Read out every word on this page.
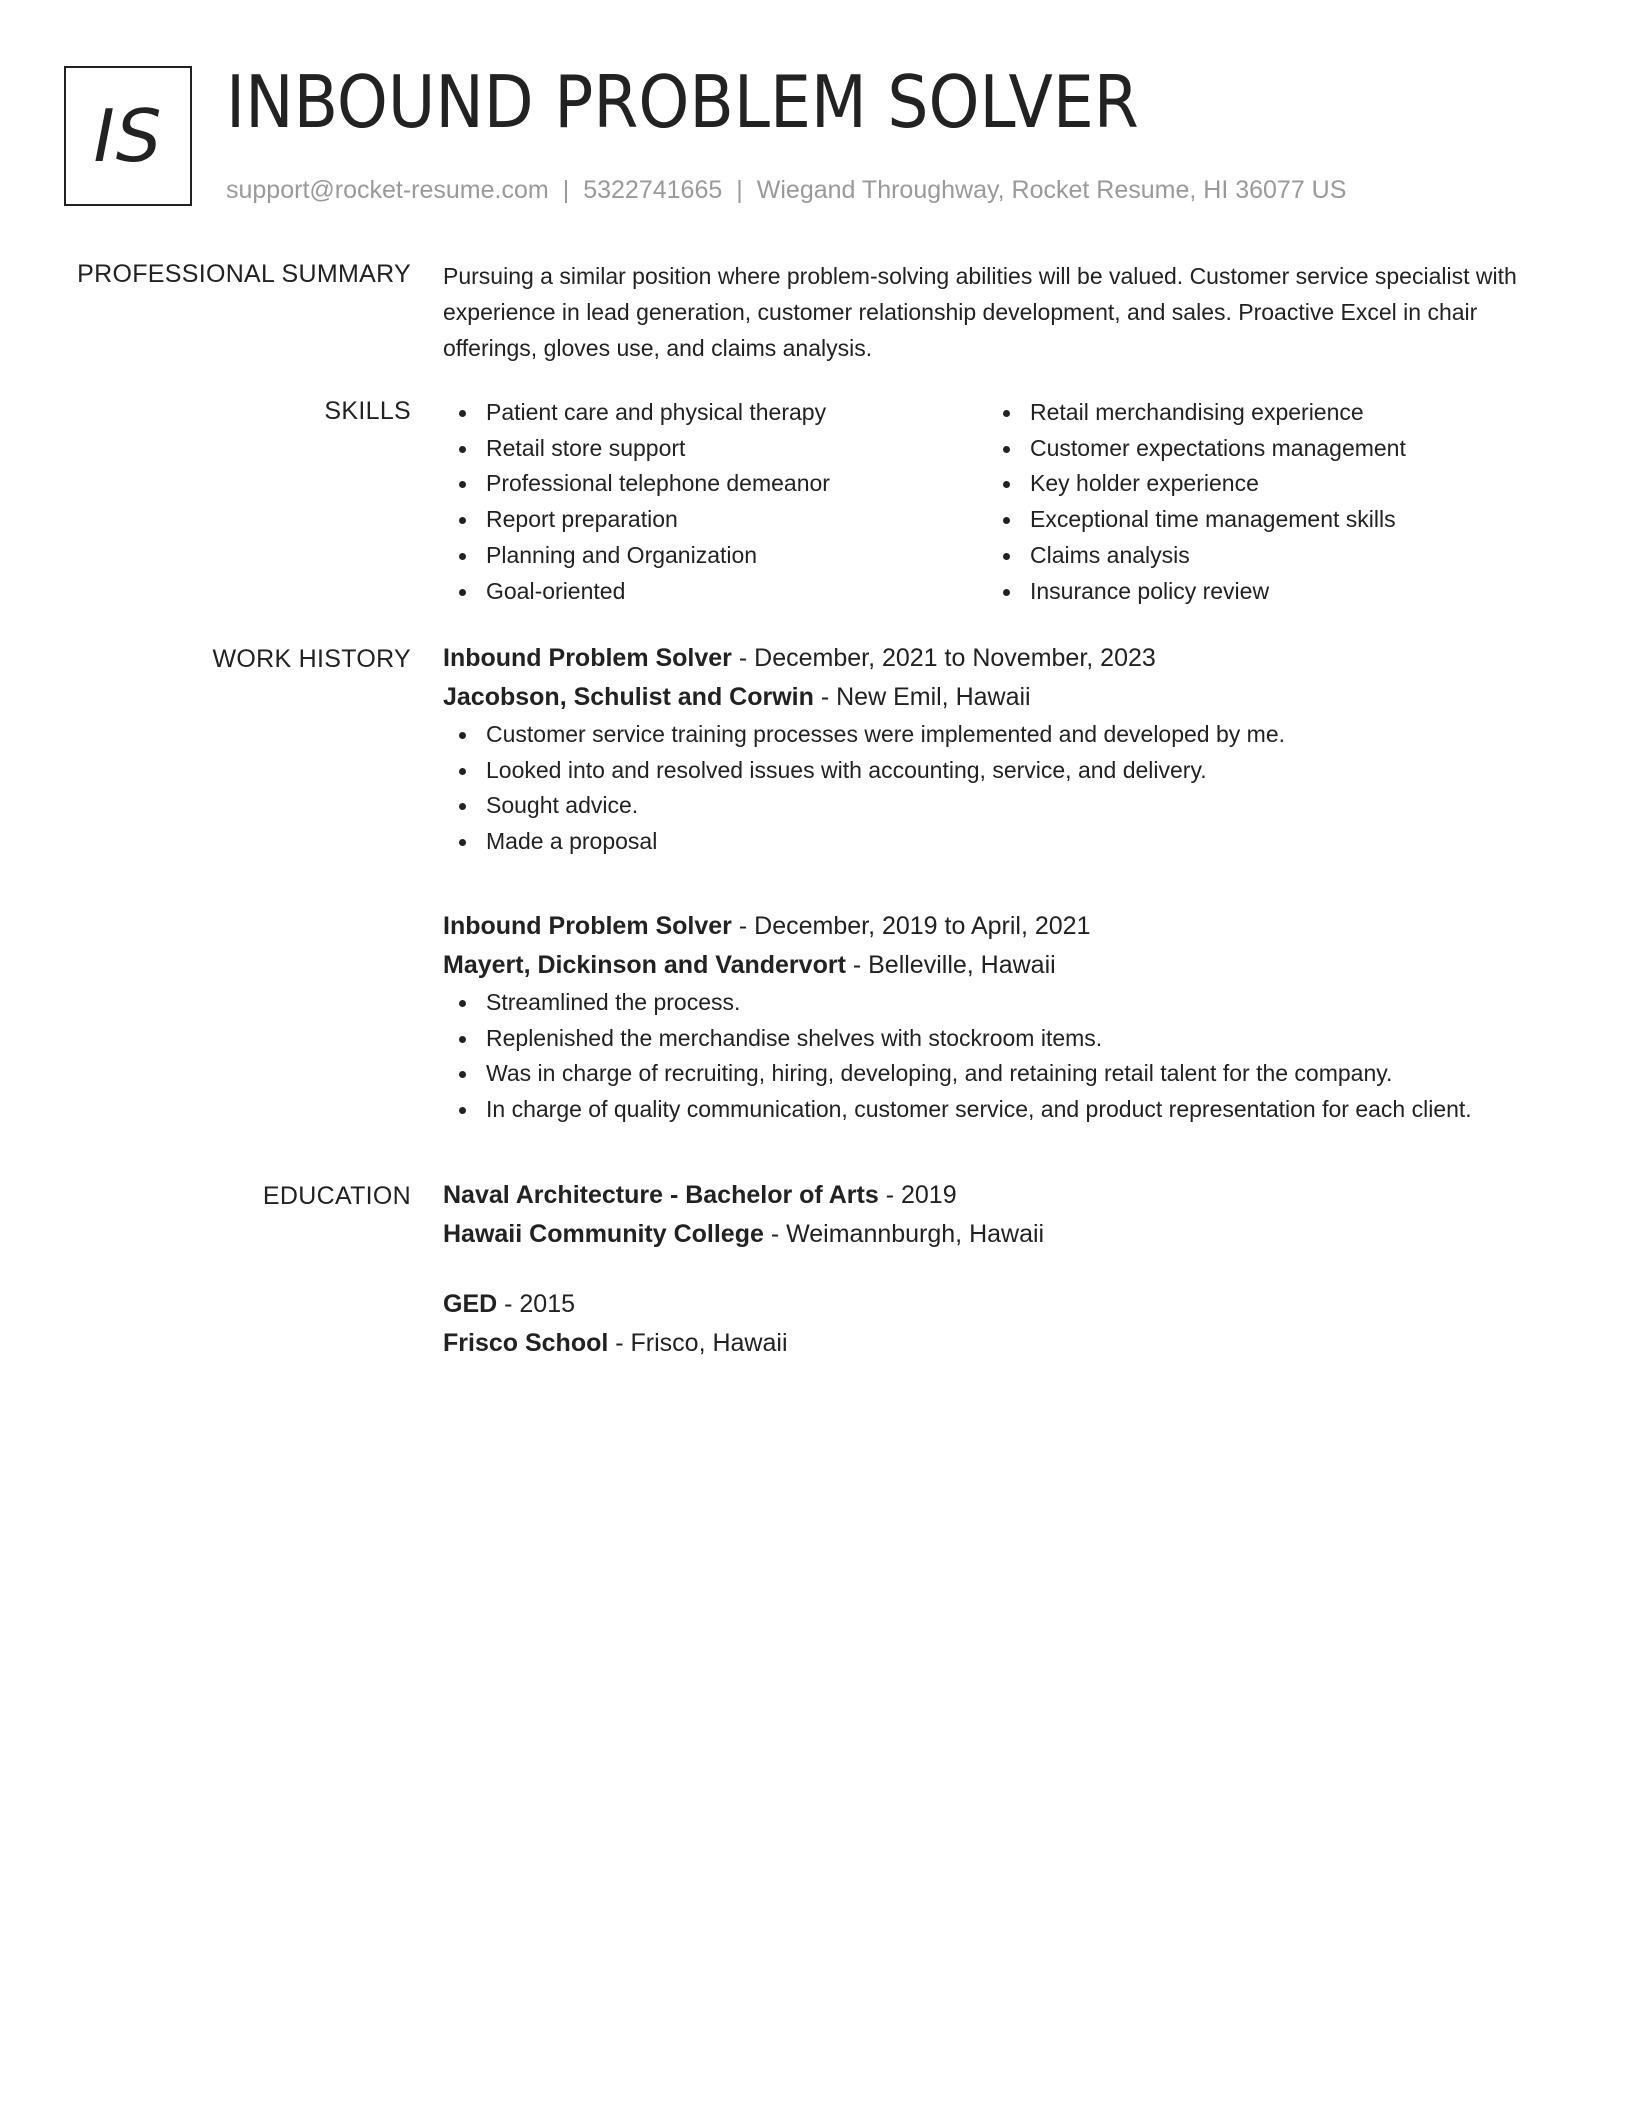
IS INBOUND PROBLEM SOLVER
support@rocket-resume.com | 5322741665 | Wiegand Throughway, Rocket Resume, HI 36077 US
PROFESSIONAL SUMMARY Pursuing a similar position where problem-solving abilities will be valued. Customer service specialist with experience in lead generation, customer relationship development, and sales. Proactive Excel in chair offerings, gloves use, and claims analysis.

SKILLS	Patient care and physical therapy
Retail store support
Professional telephone demeanor
Report preparation
Planning and Organization
Goal-oriented
Retail merchandising experience
Customer expectations management
Key holder experience
Exceptional time management skills
Claims analysis
Insurance policy review
WORK HISTORY Inbound Problem Solver - December, 2021 to November, 2023
Jacobson, Schulist and Corwin - New Emil, Hawaii
Customer service training processes were implemented and developed by me.
Looked into and resolved issues with accounting, service, and delivery.
Sought advice.
Made a proposal
Inbound Problem Solver - December, 2019 to April, 2021
Mayert, Dickinson and Vandervort - Belleville, Hawaii
Streamlined the process.
Replenished the merchandise shelves with stockroom items.
Was in charge of recruiting, hiring, developing, and retaining retail talent for the company.
In charge of quality communication, customer service, and product representation for each client.
EDUCATION Naval Architecture - Bachelor of Arts - 2019
Hawaii Community College - Weimannburgh, Hawaii
GED - 2015
Frisco School - Frisco, Hawaii
